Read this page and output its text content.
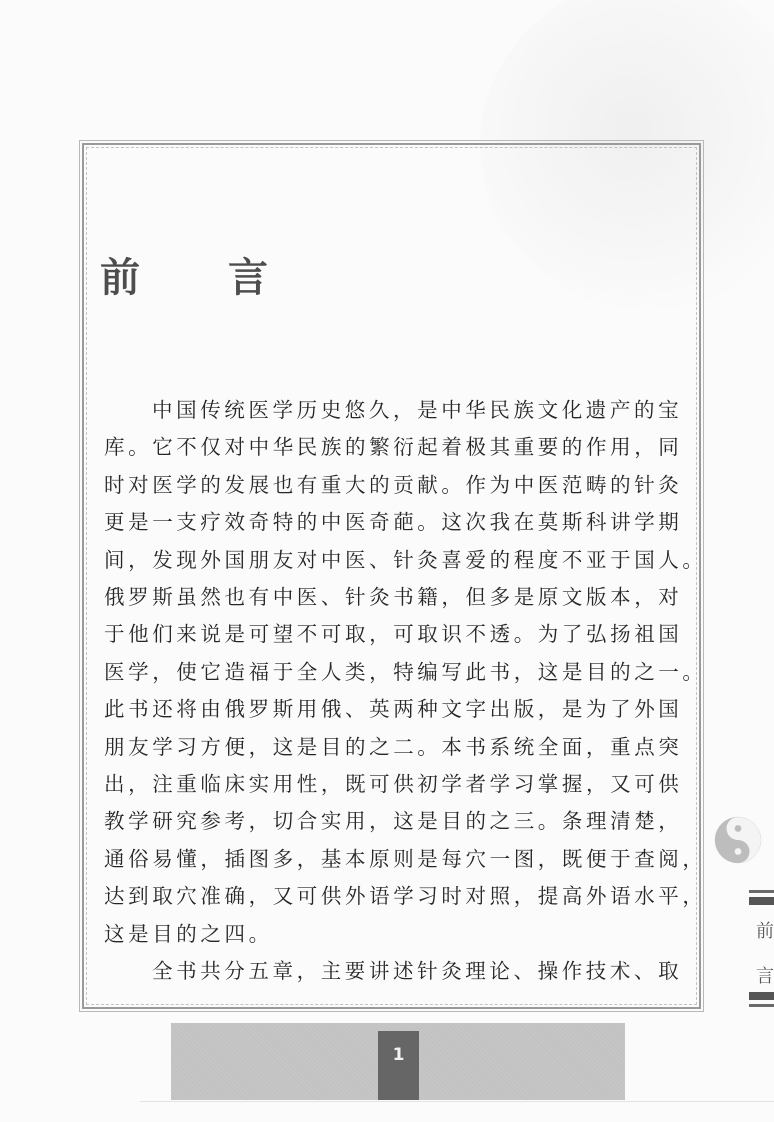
前 言
中国传统医学历史悠久，是中华民族文化遗产的宝
库。它不仅对中华民族的繁衍起着极其重要的作用，同
时对医学的发展也有重大的贡献。作为中医范畴的针灸
更是一支疗效奇特的中医奇葩。这次我在莫斯科讲学期
间，发现外国朋友对中医、针灸喜爱的程度不亚于国人。
俄罗斯虽然也有中医、针灸书籍，但多是原文版本，对
于他们来说是可望不可取，可取识不透。为了弘扬祖国
医学，使它造福于全人类，特编写此书，这是目的之一。
此书还将由俄罗斯用俄、英两种文字出版，是为了外国
朋友学习方便，这是目的之二。本书系统全面，重点突
出，注重临床实用性，既可供初学者学习掌握，又可供
教学研究参考，切合实用，这是目的之三。条理清楚，
通俗易懂，插图多，基本原则是每穴一图，既便于查阅，
达到取穴准确，又可供外语学习时对照，提高外语水平，
这是目的之四。
全书共分五章，主要讲述针灸理论、操作技术、取
前
言
1
